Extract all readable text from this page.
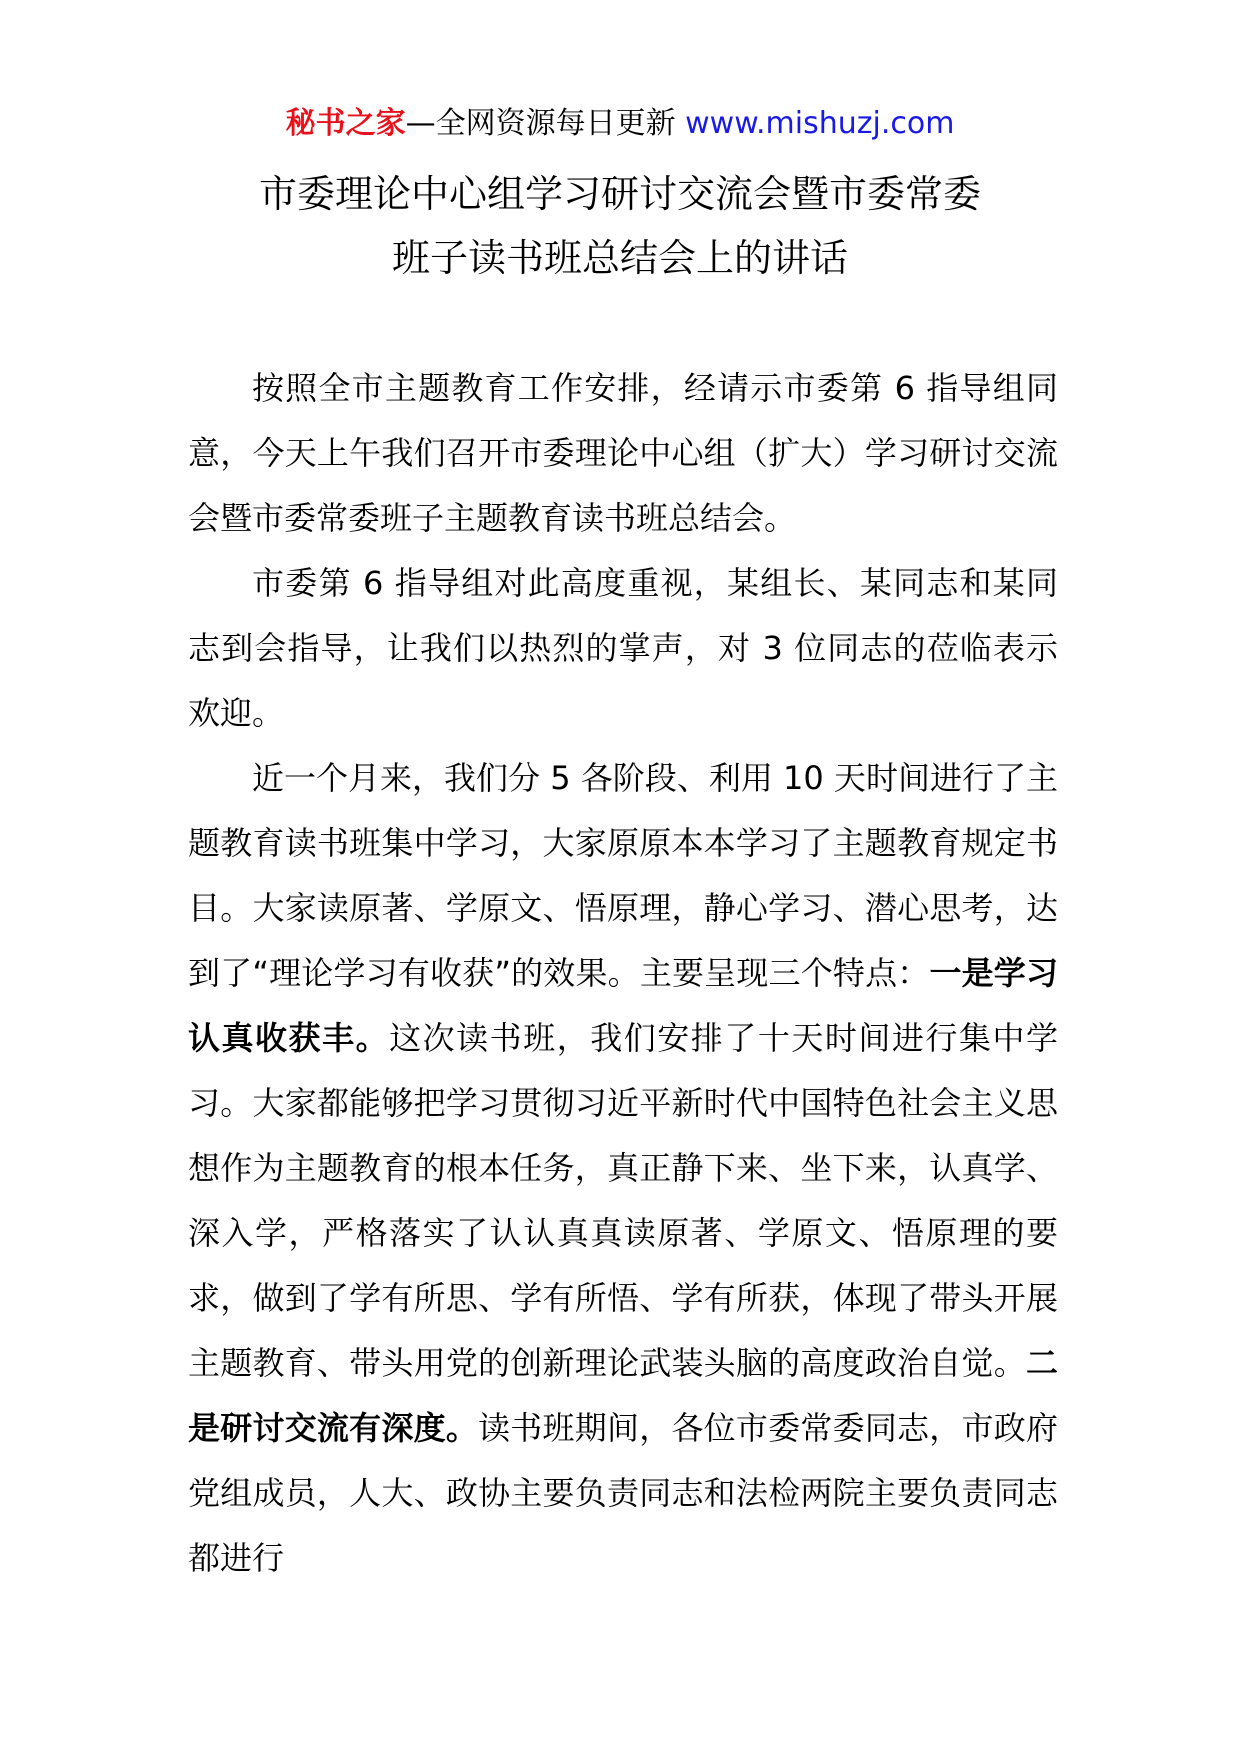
秘书之家—全网资源每日更新 www.mishuzj.com
市委理论中心组学习研讨交流会暨市委常委
班子读书班总结会上的讲话

按照全市主题教育工作安排，经请示市委第 6 指导组同意，今天上午我们召开市委理论中心组（扩大）学习研讨交流会暨市委常委班子主题教育读书班总结会。

市委第 6 指导组对此高度重视，某组长、某同志和某同志到会指导，让我们以热烈的掌声，对 3 位同志的莅临表示欢迎。

近一个月来，我们分 5 各阶段、利用 10 天时间进行了主题教育读书班集中学习，大家原原本本学习了主题教育规定书目。大家读原著、学原文、悟原理，静心学习、潜心思考，达到了“理论学习有收获”的效果。主要呈现三个特点：一是学习认真收获丰。这次读书班，我们安排了十天时间进行集中学习。大家都能够把学习贯彻习近平新时代中国特色社会主义思想作为主题教育的根本任务，真正静下来、坐下来，认真学、深入学，严格落实了认认真真读原著、学原文、悟原理的要求，做到了学有所思、学有所悟、学有所获，体现了带头开展主题教育、带头用党的创新理论武装头脑的高度政治自觉。二是研讨交流有深度。读书班期间，各位市委常委同志，市政府党组成员，人大、政协主要负责同志和法检两院主要负责同志都进行
